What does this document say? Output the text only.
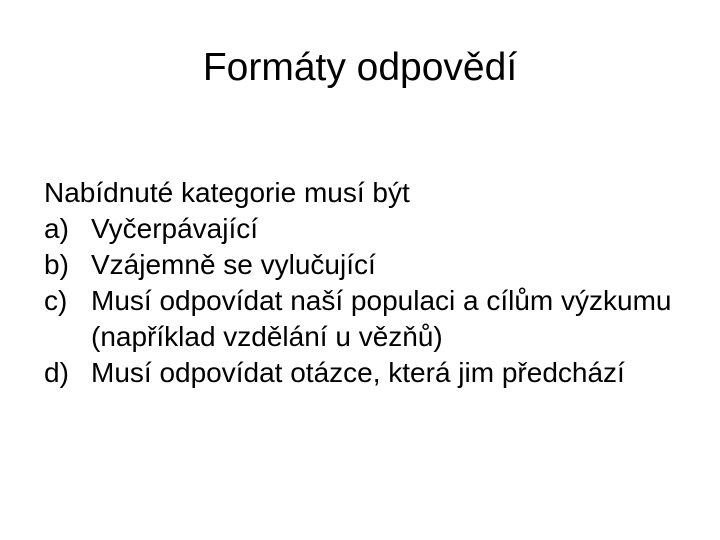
Formáty odpovědí

Nabídnuté kategorie musí být

a) Vyčerpávající
b) Vzájemně se vylučující
c) Musí odpovídat naší populaci a cílům výzkumu (například vzdělání u vězňů)
d) Musí odpovídat otázce, která jim předchází
